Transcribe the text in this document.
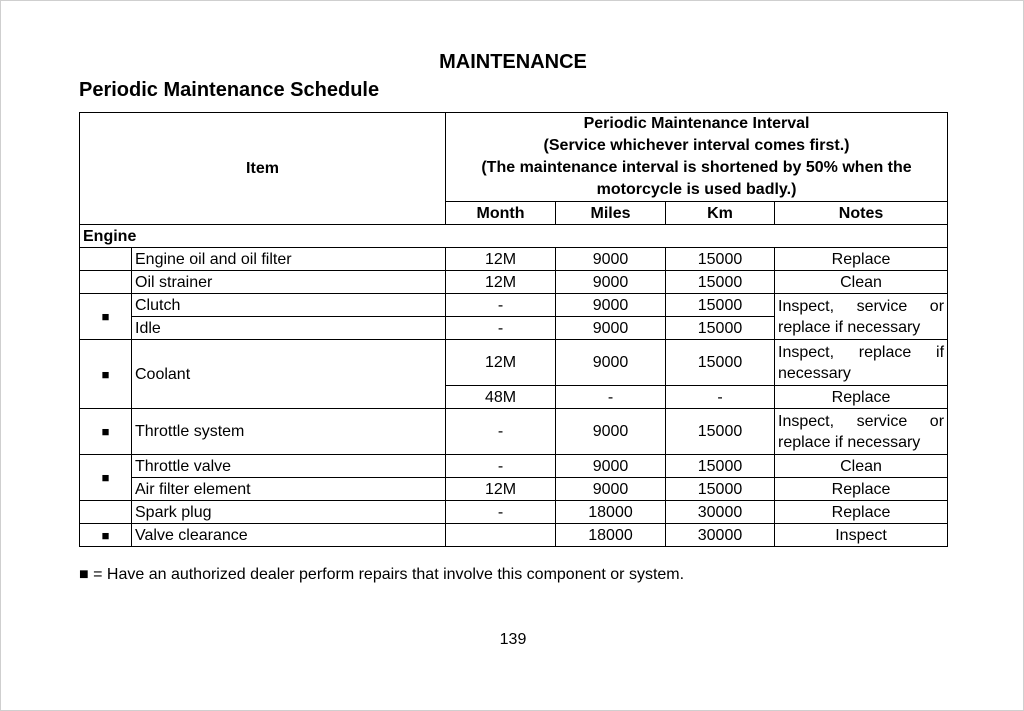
MAINTENANCE
Periodic Maintenance Schedule
Item		Periodic Maintenance Interval
(Service whichever interval comes first.)
(The maintenance interval is shortened by 50% when the
motorcycle is used badly.)			

		Month	Miles	Km	Notes
Engine					
	Engine oil and oil filter	12M	9000	15000	Replace
	Oil strainer	12M	9000	15000	Clean
■	Clutch	-	9000	15000	Inspect, service or
replace if necessary

	Idle	-	9000	15000	
■	Coolant	12M	9000	15000	Inspect, replace if
necessary

		48M	-	-	Replace
■	Throttle system	-	9000	15000	Inspect, service or
replace if necessary

■	Throttle valve	-	9000	15000	Clean
	Air filter element	12M	9000	15000	Replace
	Spark plug	-	18000	30000	Replace
■	Valve clearance		18000	30000	Inspect
■ = Have an authorized dealer perform repairs that involve this component or system.
139
